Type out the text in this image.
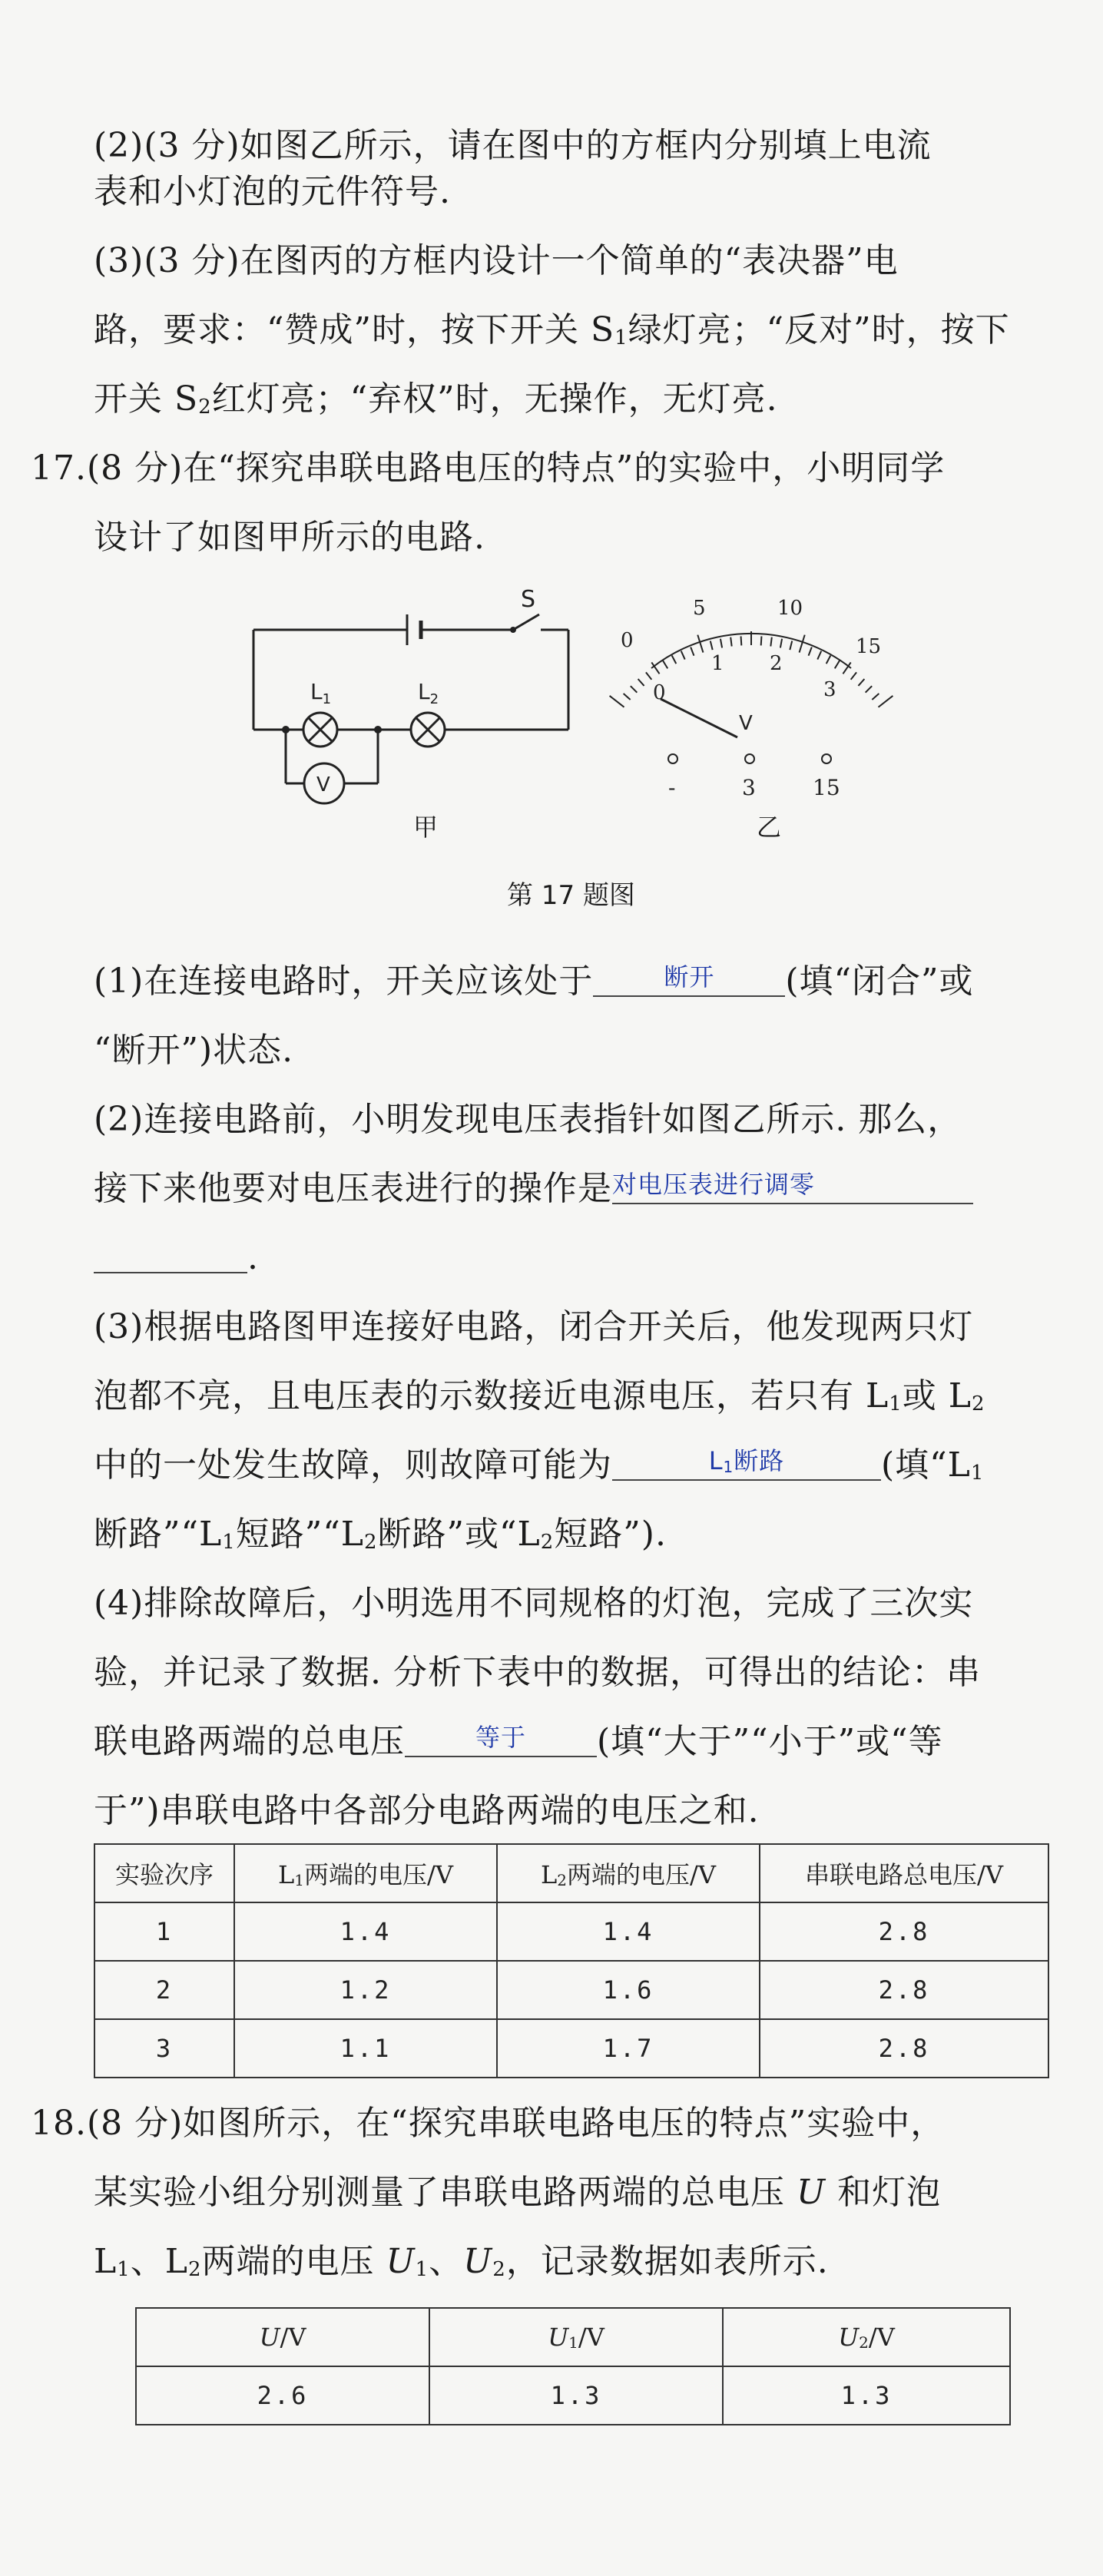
(2)(3 分)如图乙所示，请在图中的方框内分别填上电流
表和小灯泡的元件符号.
(3)(3 分)在图丙的方框内设计一个简单的“表决器”电
路，要求：“赞成”时，按下开关 $S_1$绿灯亮；“反对”时，按下
开关 $S_2$红灯亮；“弃权”时，无操作，无灯亮.
17.(8 分)在“探究串联电路电压的特点”的实验中，小明同学
设计了如图甲所示的电路.
S
$L_1$	$L_2$
V
甲
0
5	10
15
0
1 2
3
V
-	3	15
乙
第 17 题图
(1)在连接电路时，开关应该处于	断开	(填“闭合”或
“断开”)状态.
(2)连接电路前，小明发现电压表指针如图乙所示. 那么，
接下来他要对电压表进行的操作是 对电压表进行调零
.
(3)根据电路图甲连接好电路，闭合开关后，他发现两只灯
泡都不亮，且电压表的示数接近电源电压，若只有 $L_1$或 $L_2$
中的一处发生故障，则故障可能为	$L_1$断路	(填“$L_1$
断路$”“L_1$短路$”“L_2$断路”或“$L_2$短路”).
(4)排除故障后，小明选用不同规格的灯泡，完成了三次实
验，并记录了数据. 分析下表中的数据，可得出的结论：串
联电路两端的总电压	等于	(填“大于”“小于”或“等
于”)串联电路中各部分电路两端的电压之和.
实验次序	$L_1$两端的电压/V	$L_2$两端的电压/V	串联电路总电压/V
1	1.4	1.4	2.8
2	1.2	1.6	2.8
3	1.1	1.7	2.8
18.(8 分)如图所示，在“探究串联电路电压的特点”实验中，
某实验小组分别测量了串联电路两端的总电压 U 和灯泡
$L_1$、$L_2$两端的电压 $U_1$、$U_2$，记录数据如表所示.
U/V	$U_1/V$	$U_2/V$
2.6	1.3	1.3
